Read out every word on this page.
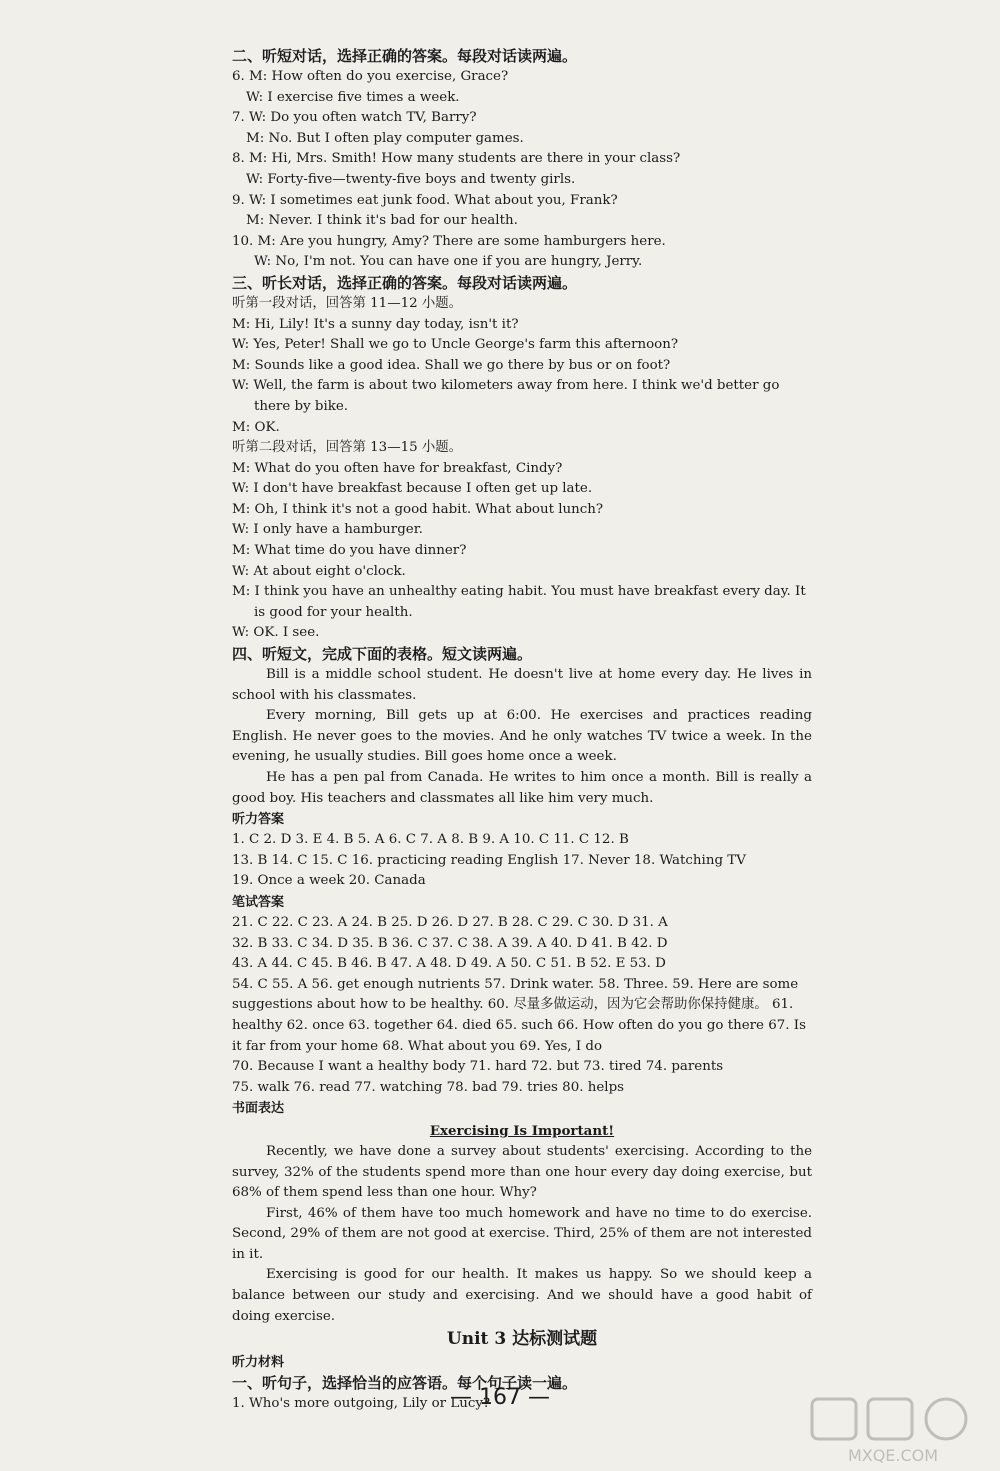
二、听短对话，选择正确的答案。每段对话读两遍。
6. M: How often do you exercise, Grace?
W: I exercise five times a week.
7. W: Do you often watch TV, Barry?
M: No. But I often play computer games.
8. M: Hi, Mrs. Smith! How many students are there in your class?
W: Forty-five—twenty-five boys and twenty girls.
9. W: I sometimes eat junk food. What about you, Frank?
M: Never. I think it's bad for our health.
10. M: Are you hungry, Amy? There are some hamburgers here.
W: No, I'm not. You can have one if you are hungry, Jerry.
三、听长对话，选择正确的答案。每段对话读两遍。
听第一段对话，回答第 11—12 小题。
M: Hi, Lily! It's a sunny day today, isn't it?
W: Yes, Peter! Shall we go to Uncle George's farm this afternoon?
M: Sounds like a good idea. Shall we go there by bus or on foot?
W: Well, the farm is about two kilometers away from here. I think we'd better go there by bike.
M: OK.
听第二段对话，回答第 13—15 小题。
M: What do you often have for breakfast, Cindy?
W: I don't have breakfast because I often get up late.
M: Oh, I think it's not a good habit. What about lunch?
W: I only have a hamburger.
M: What time do you have dinner?
W: At about eight o'clock.
M: I think you have an unhealthy eating habit. You must have breakfast every day. It is good for your health.
W: OK. I see.
四、听短文，完成下面的表格。短文读两遍。
Bill is a middle school student. He doesn't live at home every day. He lives in school with his classmates.
Every morning, Bill gets up at 6:00. He exercises and practices reading English. He never goes to the movies. And he only watches TV twice a week. In the evening, he usually studies. Bill goes home once a week.
He has a pen pal from Canada. He writes to him once a month. Bill is really a good boy. His teachers and classmates all like him very much.
听力答案
1. C 2. D 3. E 4. B 5. A 6. C 7. A 8. B 9. A 10. C 11. C 12. B
13. B 14. C 15. C 16. practicing reading English 17. Never 18. Watching TV
19. Once a week 20. Canada
笔试答案
21. C 22. C 23. A 24. B 25. D 26. D 27. B 28. C 29. C 30. D 31. A
32. B 33. C 34. D 35. B 36. C 37. C 38. A 39. A 40. D 41. B 42. D
43. A 44. C 45. B 46. B 47. A 48. D 49. A 50. C 51. B 52. E 53. D
54. C 55. A 56. get enough nutrients 57. Drink water. 58. Three. 59. Here are some suggestions about how to be healthy. 60. 尽量多做运动，因为它会帮助你保持健康。 61. healthy 62. once 63. together 64. died 65. such 66. How often do you go there 67. Is it far from your home 68. What about you 69. Yes, I do
70. Because I want a healthy body 71. hard 72. but 73. tired 74. parents
75. walk 76. read 77. watching 78. bad 79. tries 80. helps
书面表达
Exercising Is Important!
Recently, we have done a survey about students' exercising. According to the survey, 32% of the students spend more than one hour every day doing exercise, but 68% of them spend less than one hour. Why?
First, 46% of them have too much homework and have no time to do exercise. Second, 29% of them are not good at exercise. Third, 25% of them are not interested in it.
Exercising is good for our health. It makes us happy. So we should keep a balance between our study and exercising. And we should have a good habit of doing exercise.
Unit 3 达标测试题
听力材料
一、听句子，选择恰当的应答语。每个句子读一遍。
1. Who's more outgoing, Lily or Lucy?
— 167 —
MXQE.COM
